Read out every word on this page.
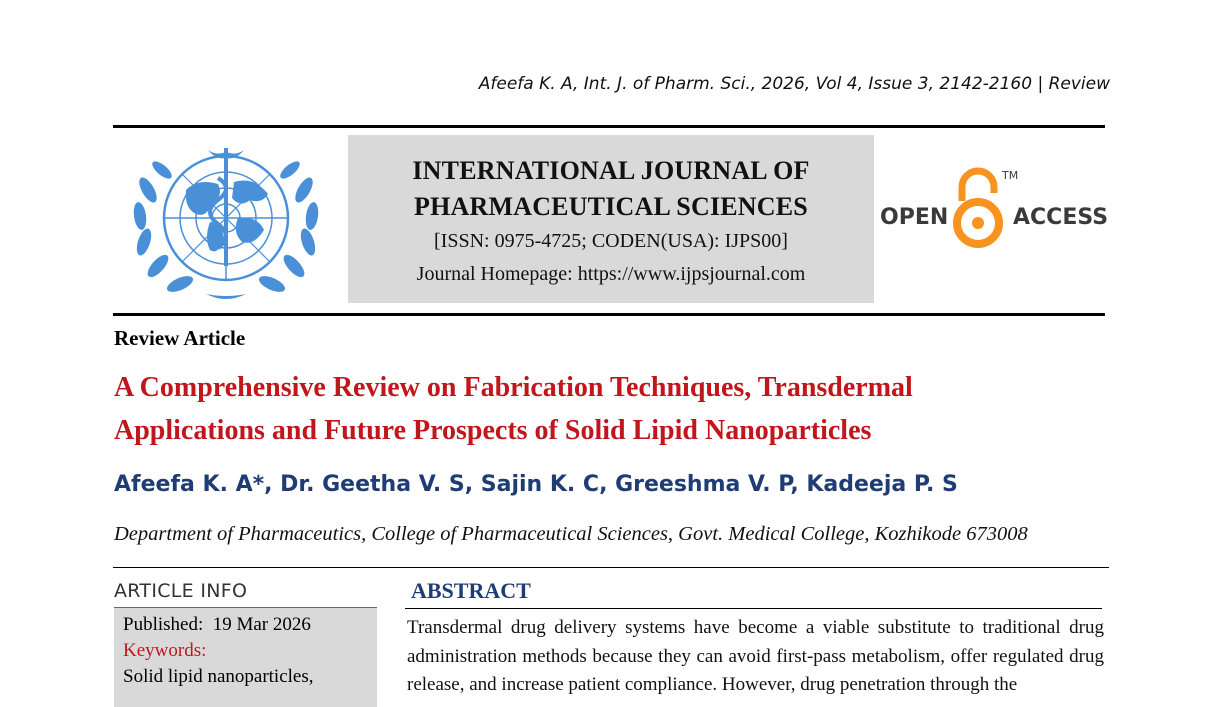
Afeefa K. A, Int. J. of Pharm. Sci., 2026, Vol 4, Issue 3, 2142-2160 | Review
INTERNATIONAL JOURNAL OF
PHARMACEUTICAL SCIENCES
[ISSN: 0975-4725; CODEN(USA): IJPS00]
Journal Homepage: https://www.ijpsjournal.com
OPEN
TM
ACCESS
Review Article
A Comprehensive Review on Fabrication Techniques, Transdermal
Applications and Future Prospects of Solid Lipid Nanoparticles
Afeefa K. A*, Dr. Geetha V. S, Sajin K. C, Greeshma V. P, Kadeeja P. S
Department of Pharmaceutics, College of Pharmaceutical Sciences, Govt. Medical College, Kozhikode 673008
ARTICLE INFO
Published: 19 Mar 2026
Keywords:
Solid lipid nanoparticles,
ABSTRACT
Transdermal drug delivery systems have become a viable substitute to traditional drug administration methods because they can avoid first-pass metabolism, offer regulated drug release, and increase patient compliance. However, drug penetration through the
